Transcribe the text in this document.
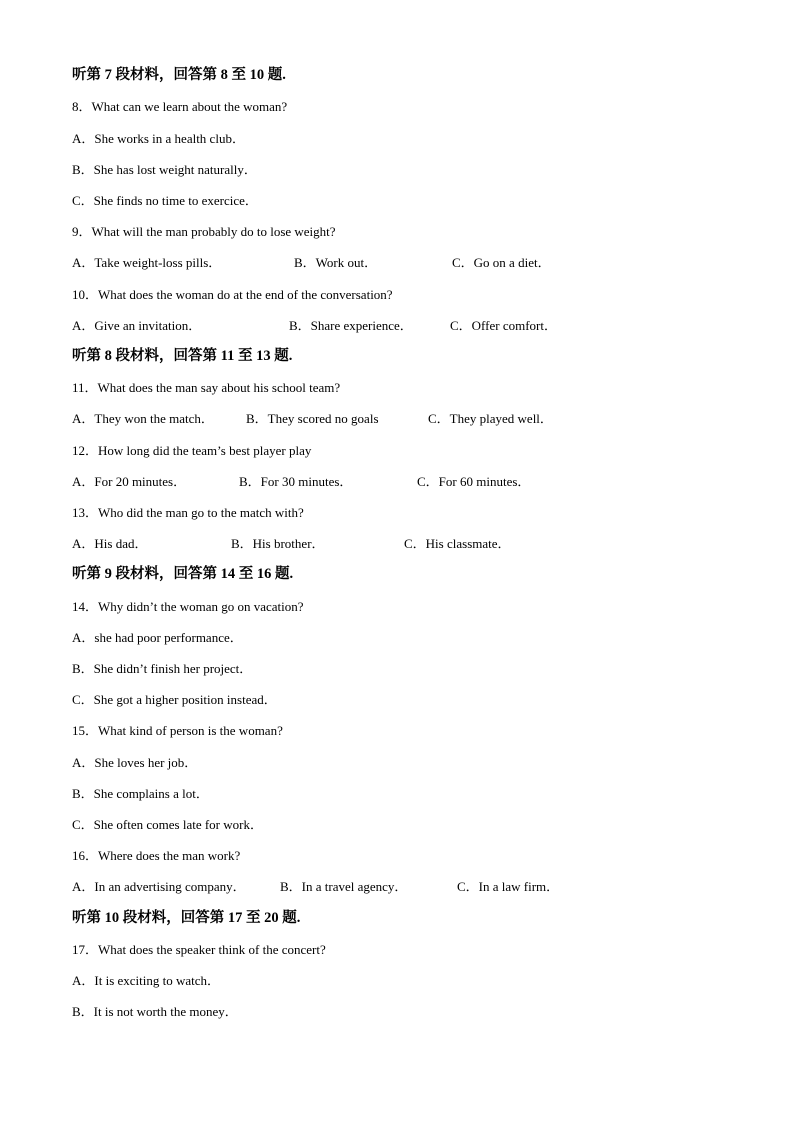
听第 7 段材料，回答第 8 至 10 题.
8．What can we learn about the woman?
A．She works in a health club．
B．She has lost weight naturally．
C．She finds no time to exercice．
9．What will the man probably do to lose weight?
A．Take weight-loss pills．	B．Work out．	C．Go on a diet．
10．What does the woman do at the end of the conversation?
A．Give an invitation．	B．Share experience．	C．Offer comfort．
听第 8 段材料，回答第 11 至 13 题.
11．What does the man say about his school team?
A．They won the match． B．They scored no goals	C．They played well．
12．How long did the team’s best player play
A．For 20 minutes．	B．For 30 minutes．	C．For 60 minutes．
13．Who did the man go to the match with?
A．His dad．	B．His brother．	C．His classmate．
听第 9 段材料，回答第 14 至 16 题.
14．Why didn’t the woman go on vacation?
A．she had poor performance．
B．She didn’t finish her project．
C．She got a higher position instead．
15．What kind of person is the woman?
A．She loves her job．
B．She complains a lot．
C．She often comes late for work．
16．Where does the man work?
A．In an advertising company．	B．In a travel agency．	C．In a law firm．
听第 10 段材料，回答第 17 至 20 题.
17．What does the speaker think of the concert?
A．It is exciting to watch．
B．It is not worth the money．
